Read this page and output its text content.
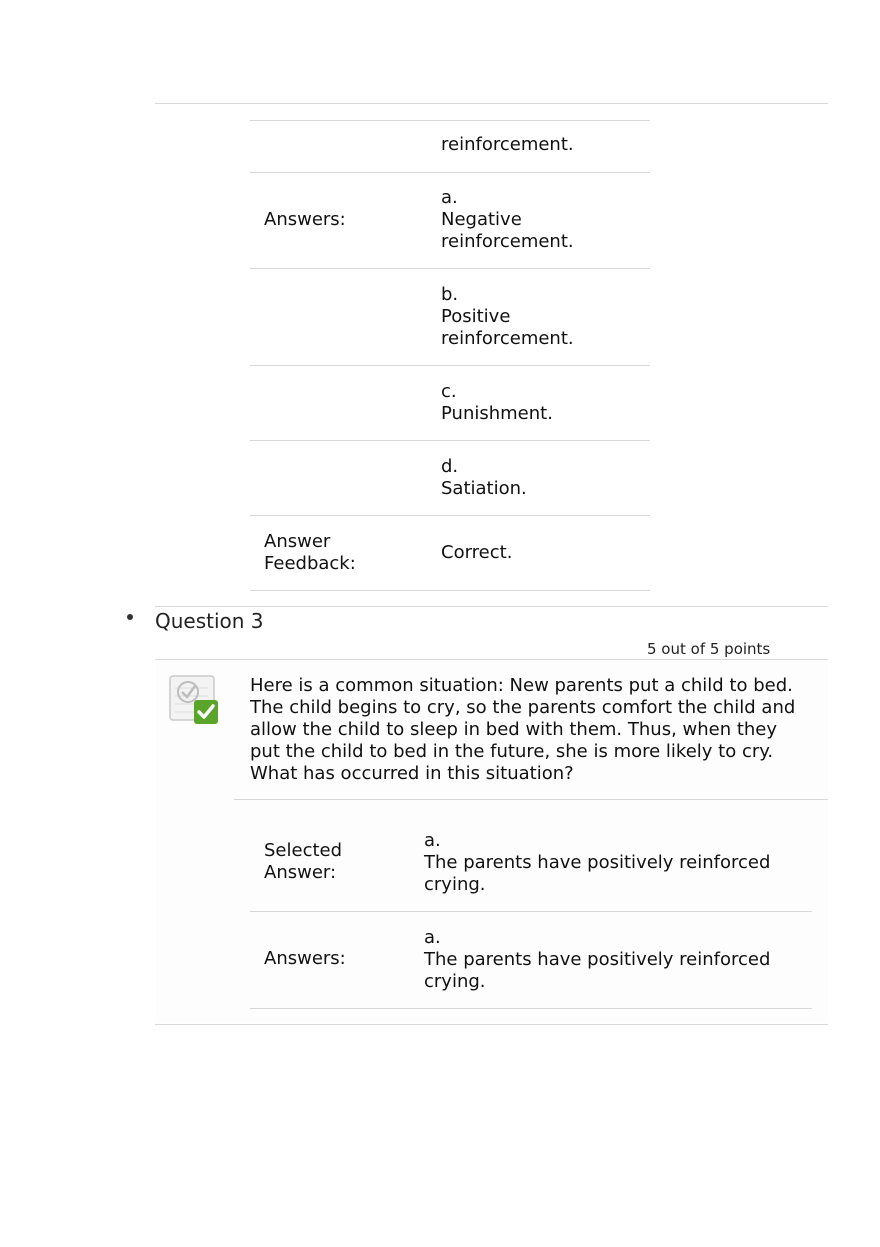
reinforcement.
Answers:
a.
Negative
reinforcement.
b.
Positive
reinforcement.
c.
Punishment.
d.
Satiation.
Answer
Feedback:
Correct.
Question 3
5 out of 5 points
Here is a common situation: New parents put a child to bed. The child begins to cry, so the parents comfort the child and allow the child to sleep in bed with them. Thus, when they put the child to bed in the future, she is more likely to cry. What has occurred in this situation?
Selected
Answer:
a.
The parents have positively reinforced
crying.
Answers:
a.
The parents have positively reinforced
crying.
